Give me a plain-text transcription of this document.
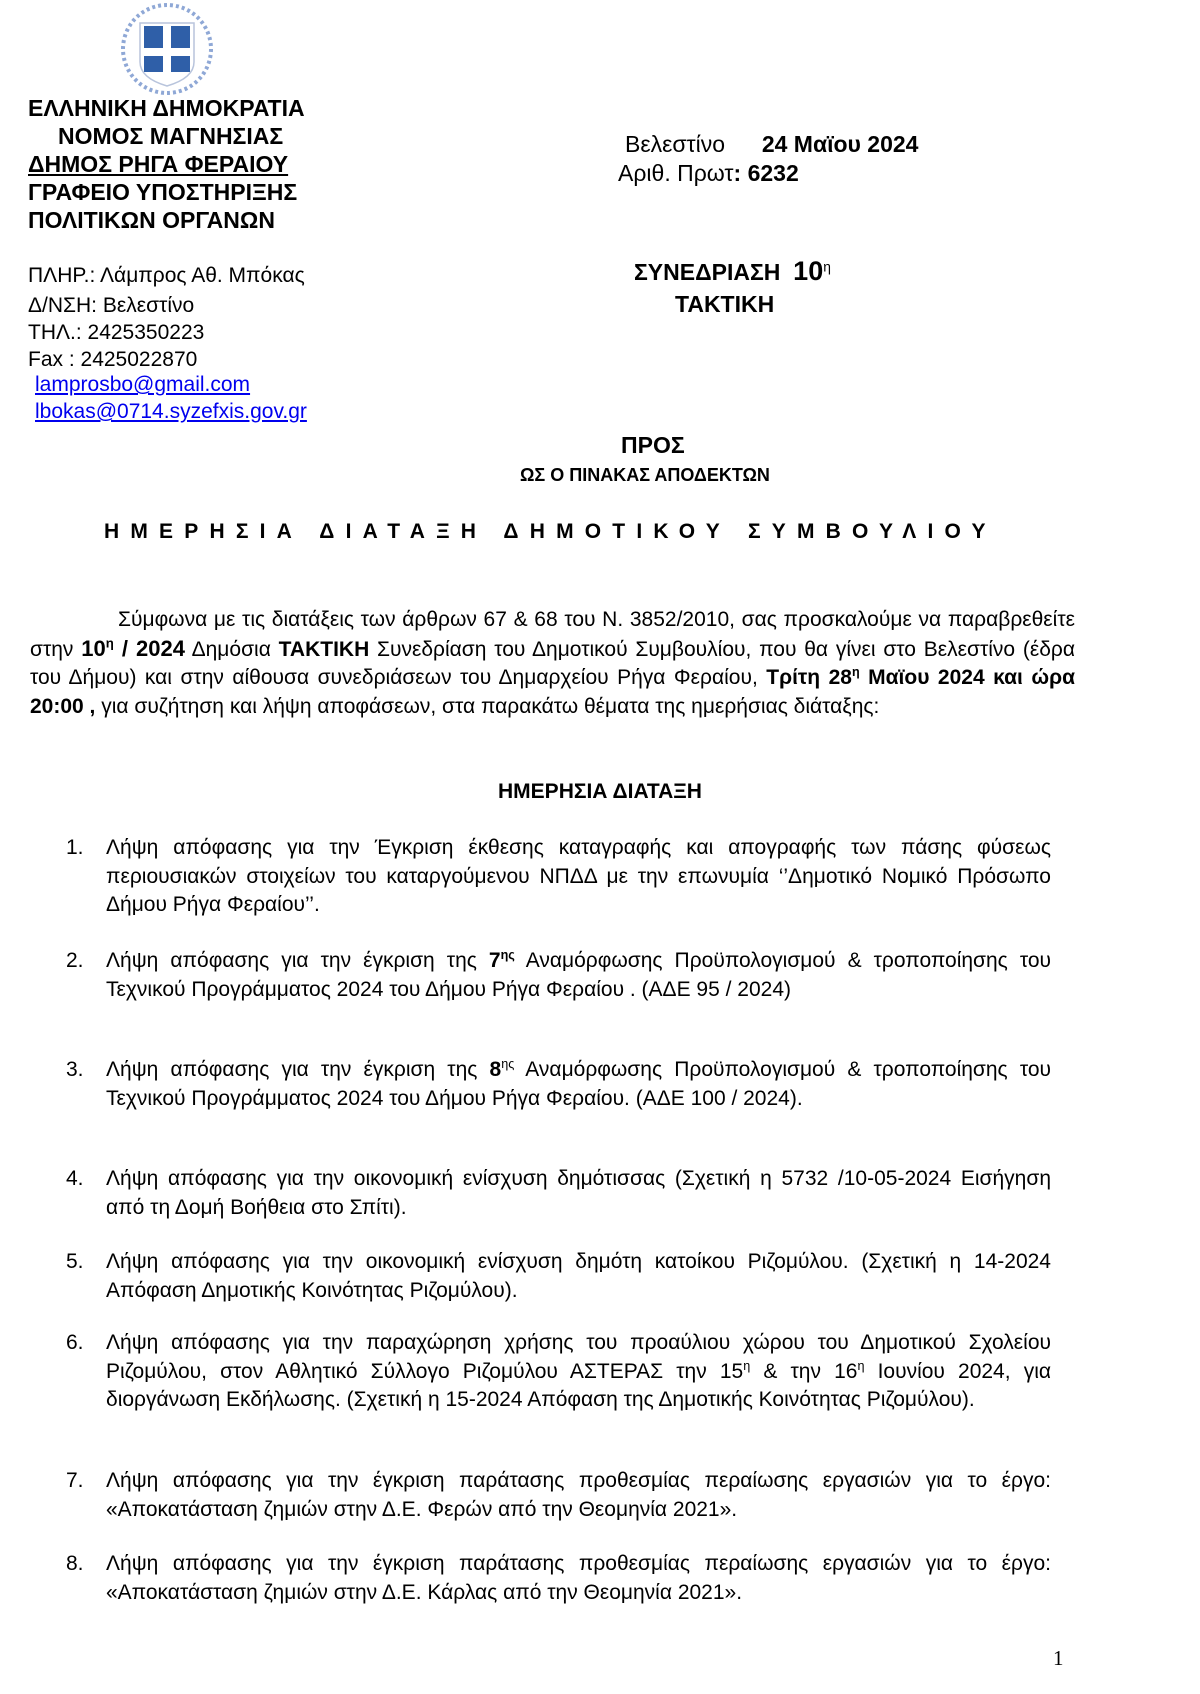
ΕΛΛΗΝΙΚΗ ΔΗΜΟΚΡΑΤΙΑ
ΝΟΜΟΣ ΜΑΓΝΗΣΙΑΣ
ΔΗΜΟΣ ΡΗΓΑ ΦΕΡΑΙΟΥ
ΓΡΑΦΕΙΟ ΥΠΟΣΤΗΡΙΞΗΣ
ΠΟΛΙΤΙΚΩΝ ΟΡΓΑΝΩΝ
ΠΛΗΡ.: Λάμπρος Αθ. Μπόκας
Δ/ΝΣΗ: Βελεστίνο
ΤΗΛ.: 2425350223
Fax : 2425022870
lamprosbo@gmail.com
lbokas@0714.syzefxis.gov.gr
Βελεστίνο 24 Μαϊου 2024
Αριθ. Πρωτ: 6232
ΣΥΝΕΔΡΙΑΣΗ $10^\eta$
ΤΑΚΤΙΚΗ
ΠΡΟΣ
ΩΣ Ο ΠΙΝΑΚΑΣ ΑΠΟΔΕΚΤΩΝ
ΗΜΕΡΗΣΙΑ ΔΙΑΤΑΞΗ ΔΗΜΟΤΙΚΟΥ ΣΥΜΒΟΥΛΙΟΥ
Σύμφωνα με τις διατάξεις των άρθρων 67 & 68 του Ν. 3852/2010, σας προσκαλούμε να παραβρεθείτε στην $10^\eta / 2024$ Δημόσια ΤΑΚΤΙΚΗ Συνεδρίαση του Δημοτικού Συμβουλίου, που θα γίνει στο Βελεστίνο (έδρα του Δήμου) και στην αίθουσα συνεδριάσεων του Δημαρχείου Ρήγα Φεραίου, Τρίτη $28^\eta$ Μαϊου 2024 και ώρα 20:00 , για συζήτηση και λήψη αποφάσεων, στα παρακάτω θέματα της ημερήσιας διάταξης:
ΗΜΕΡΗΣΙΑ ΔΙΑΤΑΞΗ
1. Λήψη απόφασης για την Έγκριση έκθεσης καταγραφής και απογραφής των πάσης φύσεως περιουσιακών στοιχείων του καταργούμενου ΝΠΔΔ με την επωνυμία ‘’Δημοτικό Νομικό Πρόσωπο Δήμου Ρήγα Φεραίου’’.
2. Λήψη απόφασης για την έγκριση της $7^{\eta\varsigma}$ Αναμόρφωσης Προϋπολογισμού & τροποποίησης του Τεχνικού Προγράμματος 2024 του Δήμου Ρήγα Φεραίου . (ΑΔΕ 95 / 2024)
3. Λήψη απόφασης για την έγκριση της $8^{\eta\varsigma}$ Αναμόρφωσης Προϋπολογισμού & τροποποίησης του Τεχνικού Προγράμματος 2024 του Δήμου Ρήγα Φεραίου. (ΑΔΕ 100 / 2024).
4. Λήψη απόφασης για την οικονομική ενίσχυση δημότισσας (Σχετική η 5732 /10-05-2024 Εισήγηση από τη Δομή Βοήθεια στο Σπίτι).
5. Λήψη απόφασης για την οικονομική ενίσχυση δημότη κατοίκου Ριζομύλου. (Σχετική η 14-2024 Απόφαση Δημοτικής Κοινότητας Ριζομύλου).
6. Λήψη απόφασης για την παραχώρηση χρήσης του προαύλιου χώρου του Δημοτικού Σχολείου Ριζομύλου, στον Αθλητικό Σύλλογο Ριζομύλου ΑΣΤΕΡΑΣ την $15^\eta$ & την $16^\eta$ Ιουνίου 2024, για διοργάνωση Εκδήλωσης. (Σχετική η 15-2024 Απόφαση της Δημοτικής Κοινότητας Ριζομύλου).
7. Λήψη απόφασης για την έγκριση παράτασης προθεσμίας περαίωσης εργασιών για το έργο: «Αποκατάσταση ζημιών στην Δ.Ε. Φερών από την Θεομηνία 2021».
8. Λήψη απόφασης για την έγκριση παράτασης προθεσμίας περαίωσης εργασιών για το έργο: «Αποκατάσταση ζημιών στην Δ.Ε. Κάρλας από την Θεομηνία 2021».
1
